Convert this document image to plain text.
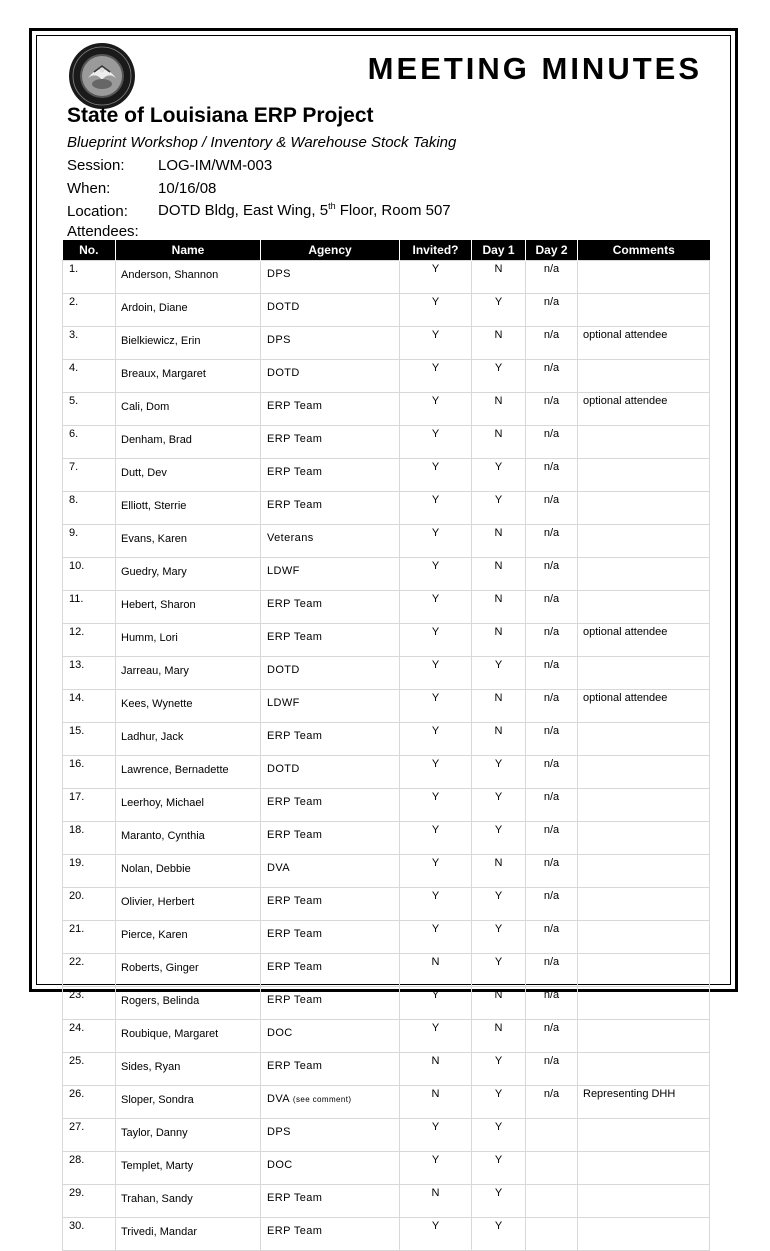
MEETING MINUTES
State of Louisiana ERP Project
Blueprint Workshop / Inventory & Warehouse Stock Taking
Session: LOG-IM/WM-003
When:	10/16/08
Location: DOTD Bldg, East Wing, 5th Floor, Room 507
Attendees:
No.	Name	Agency	Invited?	Day 1	Day 2	Comments
1.	Anderson, Shannon	DPS	Y	N	n/a	
2.	Ardoin, Diane	DOTD	Y	Y	n/a	
3.	Bielkiewicz, Erin	DPS	Y	N	n/a	optional attendee
4.	Breaux, Margaret	DOTD	Y	Y	n/a	
5.	Cali, Dom	ERP Team	Y	N	n/a	optional attendee
6.	Denham, Brad	ERP Team	Y	N	n/a	
7.	Dutt, Dev	ERP Team	Y	Y	n/a	
8.	Elliott, Sterrie	ERP Team	Y	Y	n/a	
9.	Evans, Karen	Veterans	Y	N	n/a	
10.	Guedry, Mary	LDWF	Y	N	n/a	
11.	Hebert, Sharon	ERP Team	Y	N	n/a	
12.	Humm, Lori	ERP Team	Y	N	n/a	optional attendee
13.	Jarreau, Mary	DOTD	Y	Y	n/a	
14.	Kees, Wynette	LDWF	Y	N	n/a	optional attendee
15.	Ladhur, Jack	ERP Team	Y	N	n/a	
16.	Lawrence, Bernadette	DOTD	Y	Y	n/a	
17.	Leerhoy, Michael	ERP Team	Y	Y	n/a	
18.	Maranto, Cynthia	ERP Team	Y	Y	n/a	
19.	Nolan, Debbie	DVA	Y	N	n/a	
20.	Olivier, Herbert	ERP Team	Y	Y	n/a	
21.	Pierce, Karen	ERP Team	Y	Y	n/a	
22.	Roberts, Ginger	ERP Team	N	Y	n/a	
23.	Rogers, Belinda	ERP Team	Y	N	n/a	
24.	Roubique, Margaret	DOC	Y	N	n/a	
25.	Sides, Ryan	ERP Team	N	Y	n/a	
26.	Sloper, Sondra	DVA (see comment)	N	Y	n/a	Representing DHH
27.	Taylor, Danny	DPS	Y	Y		
28.	Templet, Marty	DOC	Y	Y		
29.	Trahan, Sandy	ERP Team	N	Y		
30.	Trivedi, Mandar	ERP Team	Y	Y		
